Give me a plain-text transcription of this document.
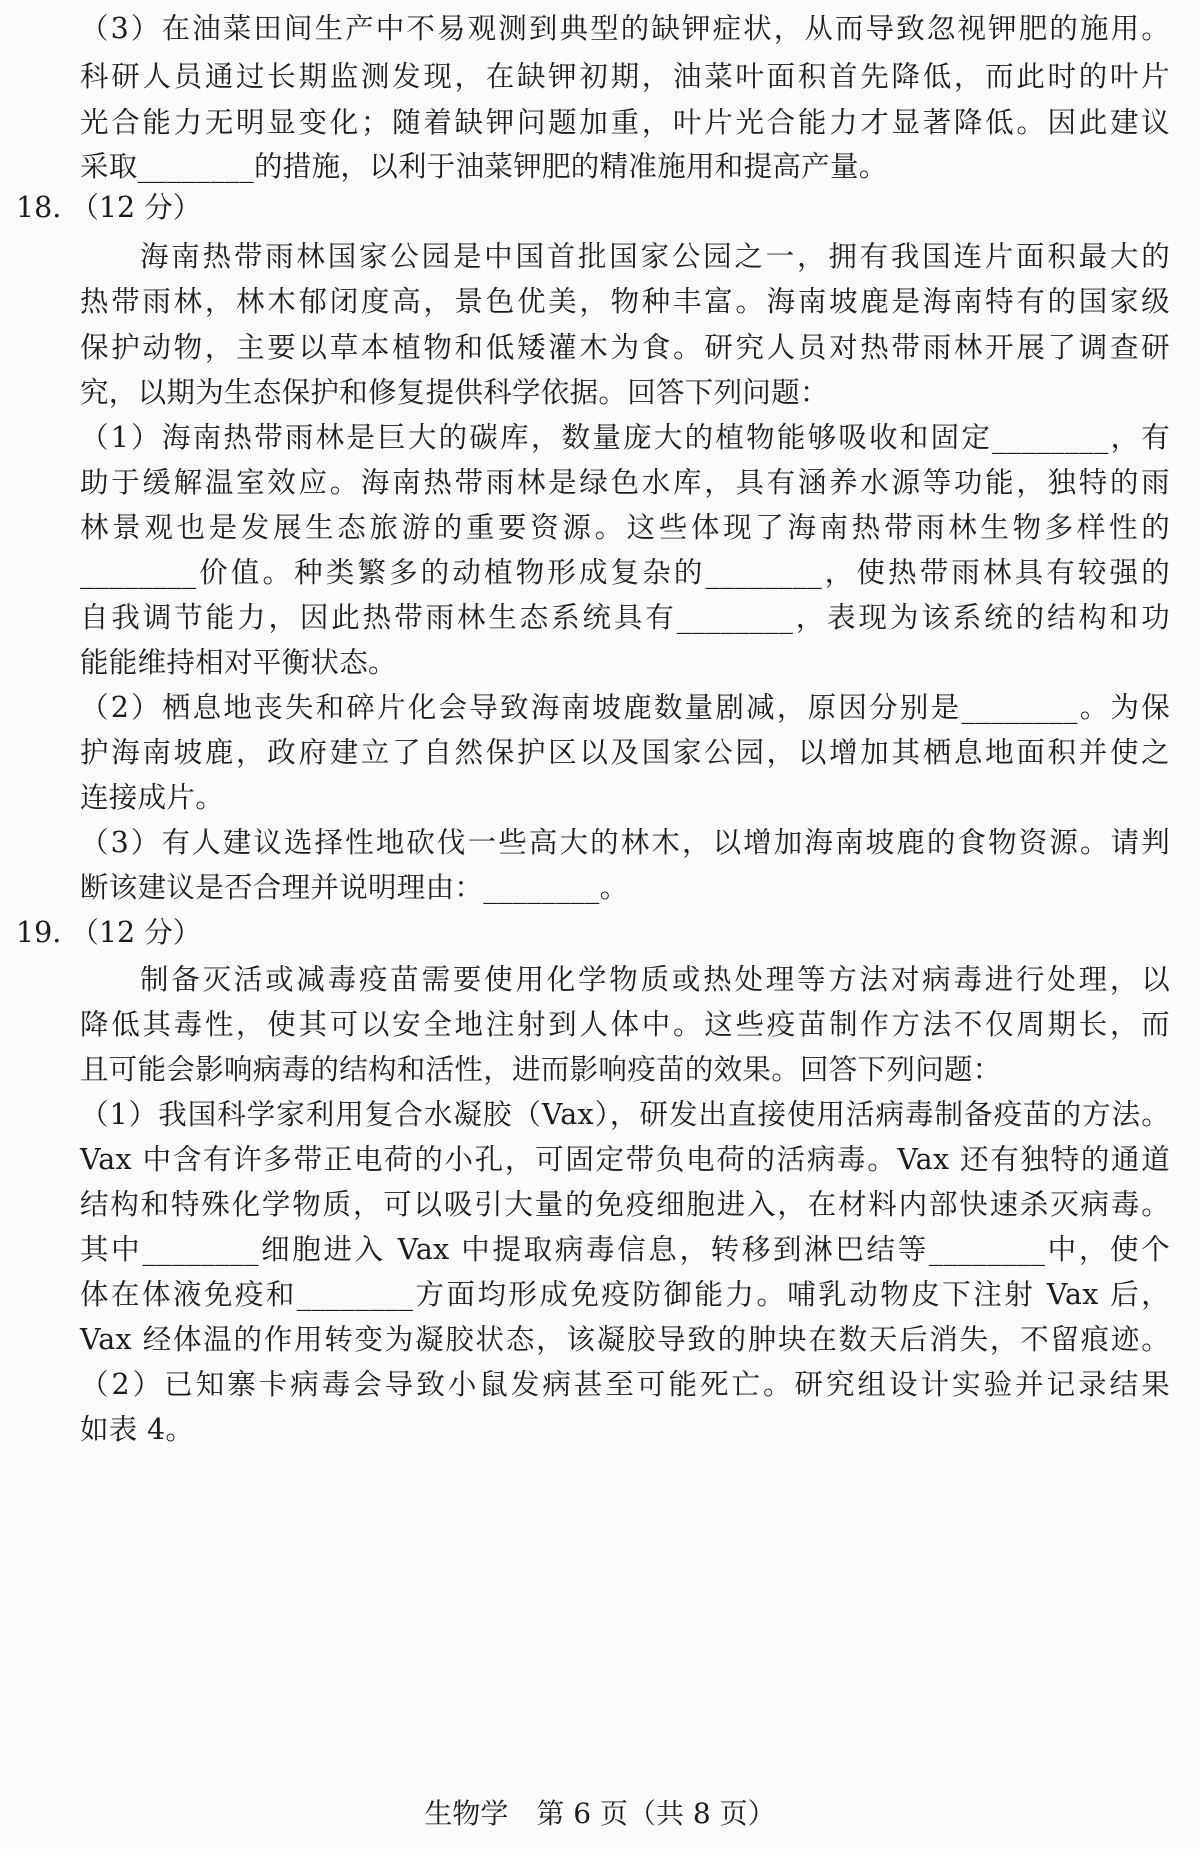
（3）在油菜田间生产中不易观测到典型的缺钾症状，从而导致忽视钾肥的施用。
科研人员通过长期监测发现，在缺钾初期，油菜叶面积首先降低，而此时的叶片
光合能力无明显变化；随着缺钾问题加重，叶片光合能力才显著降低。因此建议
采取________的措施，以利于油菜钾肥的精准施用和提高产量。
18. （12 分）
海南热带雨林国家公园是中国首批国家公园之一，拥有我国连片面积最大的
热带雨林，林木郁闭度高，景色优美，物种丰富。海南坡鹿是海南特有的国家级
保护动物，主要以草本植物和低矮灌木为食。研究人员对热带雨林开展了调查研
究，以期为生态保护和修复提供科学依据。回答下列问题：
（1）海南热带雨林是巨大的碳库，数量庞大的植物能够吸收和固定________，有
助于缓解温室效应。海南热带雨林是绿色水库，具有涵养水源等功能，独特的雨
林景观也是发展生态旅游的重要资源。这些体现了海南热带雨林生物多样性的
________价值。种类繁多的动植物形成复杂的________，使热带雨林具有较强的
自我调节能力，因此热带雨林生态系统具有________，表现为该系统的结构和功
能能维持相对平衡状态。
（2）栖息地丧失和碎片化会导致海南坡鹿数量剧减，原因分别是________。为保
护海南坡鹿，政府建立了自然保护区以及国家公园，以增加其栖息地面积并使之
连接成片。
（3）有人建议选择性地砍伐一些高大的林木，以增加海南坡鹿的食物资源。请判
断该建议是否合理并说明理由：________。
19. （12 分）
制备灭活或减毒疫苗需要使用化学物质或热处理等方法对病毒进行处理，以
降低其毒性，使其可以安全地注射到人体中。这些疫苗制作方法不仅周期长，而
且可能会影响病毒的结构和活性，进而影响疫苗的效果。回答下列问题：
（1）我国科学家利用复合水凝胶（Vax），研发出直接使用活病毒制备疫苗的方法。
Vax 中含有许多带正电荷的小孔，可固定带负电荷的活病毒。Vax 还有独特的通道
结构和特殊化学物质，可以吸引大量的免疫细胞进入，在材料内部快速杀灭病毒。
其中________细胞进入 Vax 中提取病毒信息，转移到淋巴结等________中，使个
体在体液免疫和________方面均形成免疫防御能力。哺乳动物皮下注射 Vax 后，
Vax 经体温的作用转变为凝胶状态，该凝胶导致的肿块在数天后消失，不留痕迹。
（2）已知寨卡病毒会导致小鼠发病甚至可能死亡。研究组设计实验并记录结果
如表 4。
生物学　第 6 页（共 8 页）
